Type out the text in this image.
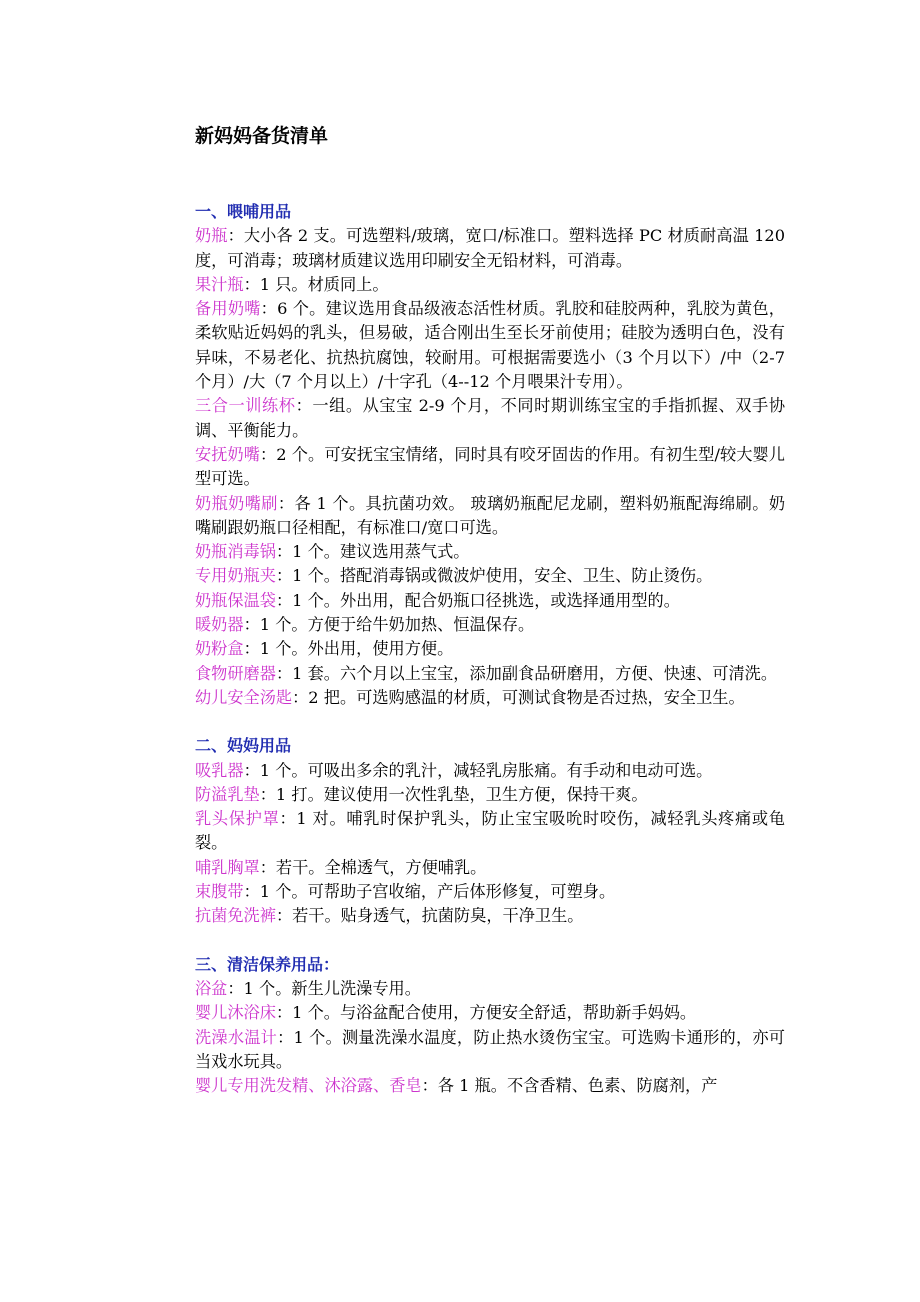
新妈妈备货清单
一、喂哺用品

奶瓶：大小各 2 支。可选塑料/玻璃，宽口/标准口。塑料选择 PC 材质耐高温 120 度，可消毒；玻璃材质建议选用印刷安全无铅材料，可消毒。

果汁瓶：1 只。材质同上。

备用奶嘴：6 个。建议选用食品级液态活性材质。乳胶和硅胶两种，乳胶为黄色，柔软贴近妈妈的乳头，但易破，适合刚出生至长牙前使用；硅胶为透明白色，没有异味，不易老化、抗热抗腐蚀，较耐用。可根据需要选小（3 个月以下）/中（2-7 个月）/大（7 个月以上）/十字孔（4--12 个月喂果汁专用）。

三合一训练杯：一组。从宝宝 2-9 个月，不同时期训练宝宝的手指抓握、双手协调、平衡能力。

安抚奶嘴：2 个。可安抚宝宝情绪，同时具有咬牙固齿的作用。有初生型/较大婴儿型可选。

奶瓶奶嘴刷：各 1 个。具抗菌功效。 玻璃奶瓶配尼龙刷，塑料奶瓶配海绵刷。奶嘴刷跟奶瓶口径相配，有标准口/宽口可选。

奶瓶消毒锅：1 个。建议选用蒸气式。

专用奶瓶夹：1 个。搭配消毒锅或微波炉使用，安全、卫生、防止烫伤。

奶瓶保温袋：1 个。外出用，配合奶瓶口径挑选，或选择通用型的。

暖奶器：1 个。方便于给牛奶加热、恒温保存。

奶粉盒：1 个。外出用，使用方便。

食物研磨器：1 套。六个月以上宝宝，添加副食品研磨用，方便、快速、可清洗。

幼儿安全汤匙：2 把。可选购感温的材质，可测试食物是否过热，安全卫生。

二、妈妈用品

吸乳器：1 个。可吸出多余的乳汁，减轻乳房胀痛。有手动和电动可选。

防溢乳垫：1 打。建议使用一次性乳垫，卫生方便，保持干爽。

乳头保护罩：1 对。哺乳时保护乳头，防止宝宝吸吮时咬伤，减轻乳头疼痛或龟裂。

哺乳胸罩：若干。全棉透气，方便哺乳。

束腹带：1 个。可帮助子宫收缩，产后体形修复，可塑身。

抗菌免洗裤：若干。贴身透气，抗菌防臭，干净卫生。

三、清洁保养用品：

浴盆：1 个。新生儿洗澡专用。

婴儿沐浴床：1 个。与浴盆配合使用，方便安全舒适，帮助新手妈妈。

洗澡水温计：1 个。测量洗澡水温度，防止热水烫伤宝宝。可选购卡通形的，亦可当戏水玩具。

婴儿专用洗发精、沐浴露、香皂：各 1 瓶。不含香精、色素、防腐剂，产
